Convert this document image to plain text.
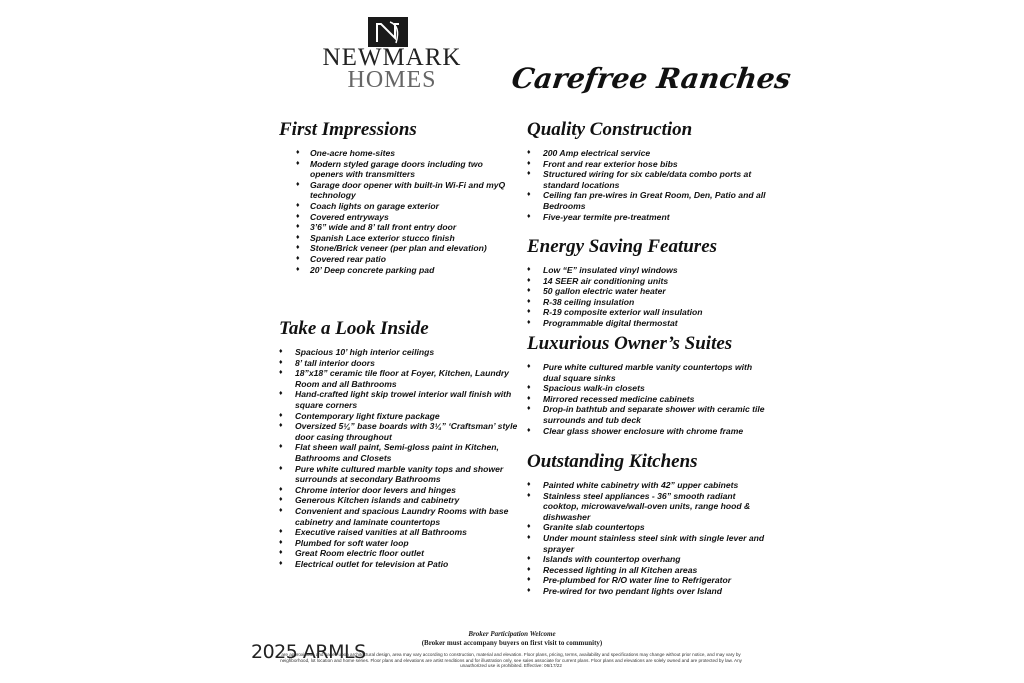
NEWMARK
HOMES	Carefree Ranches
First Impressions
♦ One-acre home-sites
♦ Modern styled garage doors including two openers with transmitters
♦ Garage door opener with built-in Wi-Fi and myQ technology
♦ Coach lights on garage exterior
♦ Covered entryways
♦ 3’6” wide and 8’ tall front entry door
♦ Spanish Lace exterior stucco finish
♦ Stone/Brick veneer (per plan and elevation)
♦ Covered rear patio
♦ 20’ Deep concrete parking pad
Take a Look Inside
♦ Spacious 10’ high interior ceilings
♦ 8’ tall interior doors
♦ 18”x18” ceramic tile floor at Foyer, Kitchen, Laundry Room and all Bathrooms
♦ Hand-crafted light skip trowel interior wall finish with square corners
♦ Contemporary light fixture package
♦ Oversized 5¼” base boards with 3¼” ‘Craftsman’ style door casing throughout
♦ Flat sheen wall paint, Semi-gloss paint in Kitchen, Bathrooms and Closets
♦ Pure white cultured marble vanity tops and shower surrounds at secondary Bathrooms
♦ Chrome interior door levers and hinges
♦ Generous Kitchen islands and cabinetry
♦ Convenient and spacious Laundry Rooms with base cabinetry and laminate countertops
♦ Executive raised vanities at all Bathrooms
♦ Plumbed for soft water loop
♦ Great Room electric floor outlet
♦ Electrical outlet for television at Patio
Quality Construction
♦ 200 Amp electrical service
♦ Front and rear exterior hose bibs
♦ Structured wiring for six cable/data combo ports at standard locations
♦ Ceiling fan pre-wires in Great Room, Den, Patio and all Bedrooms
♦ Five-year termite pre-treatment
Energy Saving Features
♦ Low “E” insulated vinyl windows
♦ 14 SEER air conditioning units
♦ 50 gallon electric water heater
♦ R-38 ceiling insulation
♦ R-19 composite exterior wall insulation
♦ Programmable digital thermostat
Luxurious Owner’s Suites
♦ Pure white cultured marble vanity countertops with dual square sinks
♦ Spacious walk-in closets
♦ Mirrored recessed medicine cabinets
♦ Drop-in bathtub and separate shower with ceramic tile surrounds and tub deck
♦ Clear glass shower enclosure with chrome frame
Outstanding Kitchens
♦ Painted white cabinetry with 42” upper cabinets
♦ Stainless steel appliances - 36” smooth radiant cooktop, microwave/wall-oven units, range hood & dishwasher
♦ Granite slab countertops
♦ Under mount stainless steel sink with single lever and sprayer
♦ Islands with countertop overhang
♦ Recessed lighting in all Kitchen areas
♦ Pre-plumbed for R/O water line to Refrigerator
♦ Pre-wired for two pendant lights over Island
Broker Participation Welcome
(Broker must accompany buyers on first visit to community)
are approximate and based upon architectural design, area may vary according to construction, material and elevation. Floor plans, pricing, terms, availability and specifications may change without prior notice, and may vary by neighborhood, lot location and home series. Floor plans and elevations are artist renditions and for illustration only, see sales associate for current plans. Floor plans and elevations are solely owned and are protected by law. Any unauthorized use is prohibited. Effective: 06/17/22
2025 ARMLS
